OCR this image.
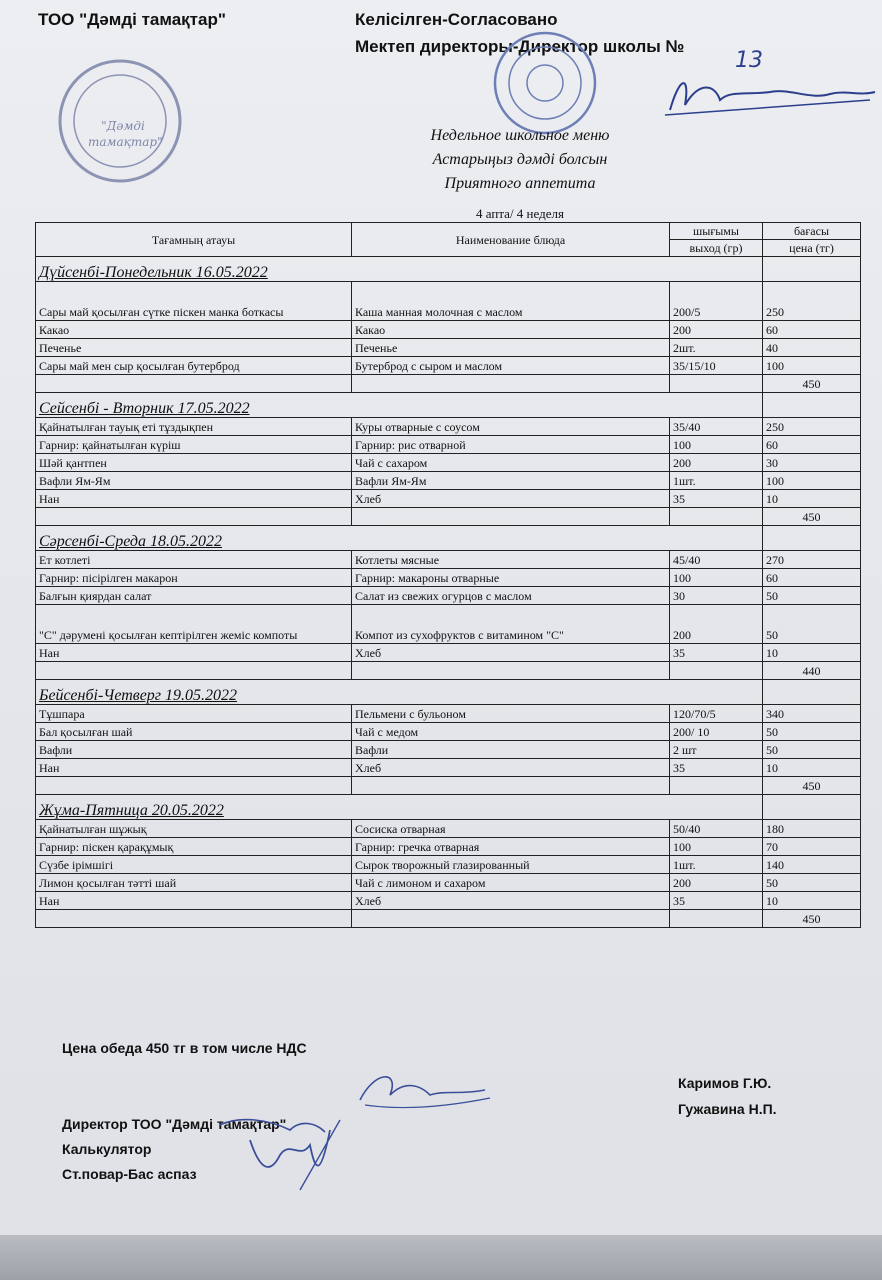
ТОО "Дәмді тамақтар"	Келісілген-Согласовано
Мектеп директоры-Директор школы №
13
"Дәмді тамақтар"	Недельное школьное меню
Астарыңыз дәмді болсын
Приятного аппетита
4 апта/ 4 неделя
Тағамның атауы	Наименование блюда	шығымы	бағасы
		выход (гр)	цена (тг)
Дүйсенбі-Понедельник 16.05.2022			
Сары май қосылған сүтке піскен манка боткасы	Каша манная молочная с маслом	200/5	250
Какао	Какао	200	60
Печенье	Печенье	2шт.	40
Сары май мен сыр қосылған бутерброд	Бутерброд с сыром и маслом	35/15/10	100
			450
Сейсенбі - Вторник 17.05.2022			
Қайнатылған тауық еті тұздықпен	Куры отварные с соусом	35/40	250
Гарнир: қайнатылған күріш	Гарнир: рис отварной	100	60
Шәй қантпен	Чай с сахаром	200	30
Вафли Ям-Ям	Вафли Ям-Ям	1шт.	100
Нан	Хлеб	35	10
			450
Сәрсенбі-Среда 18.05.2022			
Ет котлеті	Котлеты мясные	45/40	270
Гарнир: пісірілген макарон	Гарнир: макароны отварные	100	60
Балғын қиярдан салат	Салат из свежих огурцов с маслом	30	50
"С" дәрумені қосылған кептірілген жеміс компоты	Компот из сухофруктов с витамином "С"	200	50
Нан	Хлеб	35	10
			440
Бейсенбі-Четверг 19.05.2022			
Тұшпара	Пельмени с бульоном	120/70/5	340
Бал қосылған шай	Чай с медом	200/ 10	50
Вафли	Вафли	2 шт	50
Нан	Хлеб	35	10
			450
Жұма-Пятница 20.05.2022			
Қайнатылған шұжық	Сосиска отварная	50/40	180
Гарнир: піскен қарақұмық	Гарнир: гречка отварная	100	70
Сүзбе ірімшігі	Сырок творожный глазированный	1шт.	140
Лимон қосылған тәтті шай	Чай с лимоном и сахаром	200	50
Нан	Хлеб	35	10
			450
Цена обеда 450 тг в том числе НДС
Директор ТОО "Дәмді тамақтар"
Калькулятор
Ст.повар-Бас аспаз
Каримов Г.Ю.
Гужавина Н.П.
